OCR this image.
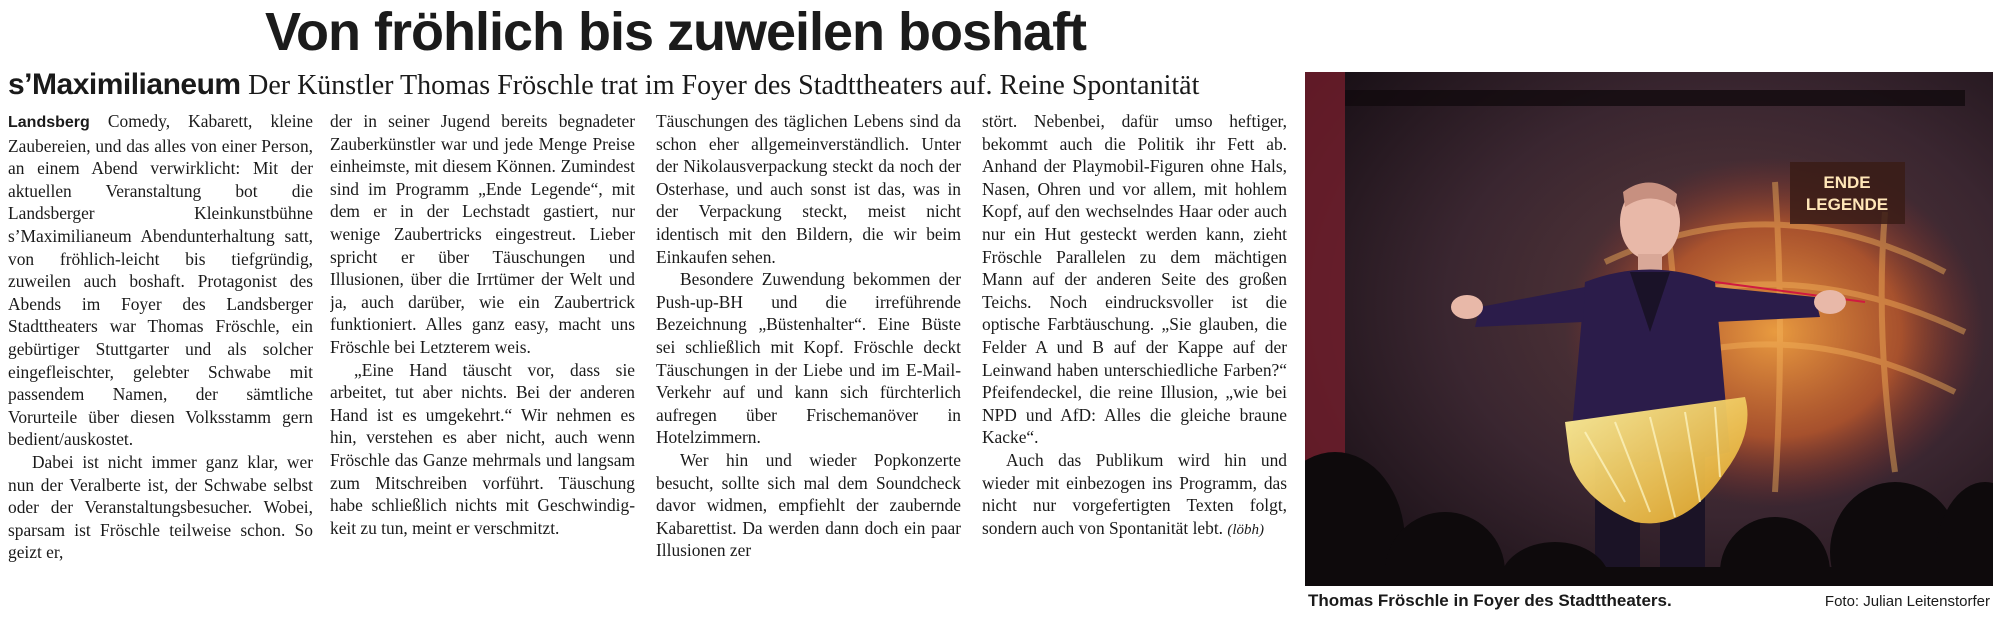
Von fröhlich bis zuweilen boshaft
s’Maximilianeum Der Künstler Thomas Fröschle trat im Foyer des Stadttheaters auf. Reine Spontanität

Landsberg Comedy, Kabarett, kleine Zaubereien, und das alles von einer Person, an einem Abend verwirklicht: Mit der aktuellen Veranstaltung bot die Landsberger Kleinkunstbühne s’Maximilianeum Abendunterhaltung satt, von fröhlich-leicht bis tiefgründig, zuweilen auch boshaft. Protagonist des Abends im Foyer des Landsberger Stadttheaters war Thomas Fröschle, ein gebürtiger Stuttgarter und als solcher eingefleischter, gelebter Schwabe mit passendem Namen, der sämtliche Vorurteile über diesen Volksstamm gern bedient/auskostet.

Dabei ist nicht immer ganz klar, wer nun der Veralberte ist, der Schwabe selbst oder der Veranstaltungsbesucher. Wobei, sparsam ist Fröschle teilweise schon. So geizt er,

der in seiner Jugend bereits begnadeter Zauberkünstler war und jede Menge Preise einheimste, mit diesem Können. Zumindest sind im Programm „Ende Legende“, mit dem er in der Lechstadt gastiert, nur wenige Zaubertricks eingestreut. Lieber spricht er über Täuschungen und Illusionen, über die Irrtümer der Welt und ja, auch darüber, wie ein Zaubertrick funktioniert. Alles ganz easy, macht uns Fröschle bei Letzterem weis.

„Eine Hand täuscht vor, dass sie arbeitet, tut aber nichts. Bei der anderen Hand ist es umgekehrt.“ Wir nehmen es hin, verstehen es aber nicht, auch wenn Fröschle das Ganze mehrmals und langsam zum Mitschreiben vorführt. Täuschung habe schließlich nichts mit Geschwindigkeit zu tun, meint er verschmitzt.

Täuschungen des täglichen Lebens sind da schon eher allgemeinverständlich. Unter der Nikolausverpackung steckt da noch der Osterhase, und auch sonst ist das, was in der Verpackung steckt, meist nicht identisch mit den Bildern, die wir beim Einkaufen sehen.

Besondere Zuwendung bekommen der Push-up-BH und die irreführende Bezeichnung „Büstenhalter“. Eine Büste sei schließlich mit Kopf. Fröschle deckt Täuschungen in der Liebe und im E-Mail-Verkehr auf und kann sich fürchterlich aufregen über Frischemanöver in Hotelzimmern.

Wer hin und wieder Popkonzerte besucht, sollte sich mal dem Soundcheck davor widmen, empfiehlt der zaubernde Kabarettist. Da werden dann doch ein paar Illusionen zer

stört. Nebenbei, dafür umso heftiger, bekommt auch die Politik ihr Fett ab. Anhand der Playmobil-Figuren ohne Hals, Nasen, Ohren und vor allem, mit hohlem Kopf, auf den wechselndes Haar oder auch nur ein Hut gesteckt werden kann, zieht Fröschle Parallelen zu dem mächtigen Mann auf der anderen Seite des großen Teichs. Noch eindrucksvoller ist die optische Farbtäuschung. „Sie glauben, die Felder A und B auf der Kappe auf der Leinwand haben unterschiedliche Farben?“ Pfeifendeckel, die reine Illusion, „wie bei NPD und AfD: Alles die gleiche braune Kacke“.

Auch das Publikum wird hin und wieder mit einbezogen ins Programm, das nicht nur vorgefertigten Texten folgt, sondern auch von Spontanität lebt. (löbh)

ENDE
LEGENDE
Thomas Fröschle in Foyer des Stadttheaters.	Foto: Julian Leitenstorfer
